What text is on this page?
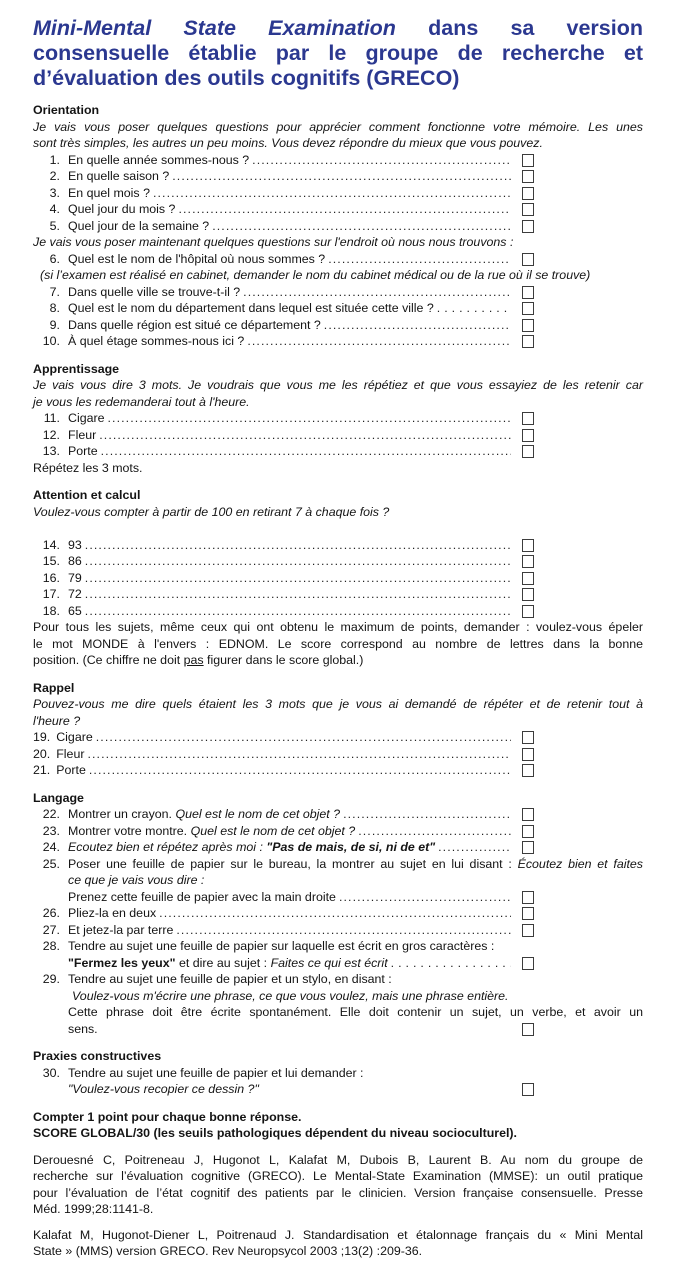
Mini-Mental State Examination dans sa version
consensuelle établie par le groupe de recherche et
d’évaluation des outils cognitifs (GRECO)
Orientation
Je vais vous poser quelques questions pour apprécier comment fonctionne votre mémoire. Les unes
sont très simples, les autres un peu moins. Vous devez répondre du mieux que vous pouvez.
1. En quelle année sommes-nous ?
.....
2. En quelle saison ?
.....
3. En quel mois ?
.....
4. Quel jour du mois ?
.....
5. Quel jour de la semaine ?
.....
Je vais vous poser maintenant quelques questions sur l'endroit où nous nous trouvons :
6. Quel est le nom de l'hôpital où nous sommes ?
.....
(si l’examen est réalisé en cabinet, demander le nom du cabinet médical ou de la rue où il se trouve)
7. Dans quelle ville se trouve-t-il ?
.....
8. Quel est le nom du département dans lequel est située cette ville ?
.....
9. Dans quelle région est situé ce département ?
.....
10. À quel étage sommes-nous ici ?
.....
Apprentissage
Je vais vous dire 3 mots. Je voudrais que vous me les répétiez et que vous essayiez de les retenir car
je vous les redemanderai tout à l'heure.
11. Cigare
.....
12. Fleur
.....
13. Porte
.....
Répétez les 3 mots.
Attention et calcul
Voulez-vous compter à partir de 100 en retirant 7 à chaque fois ?
14. 93
.....
15. 86
.....
16. 79
.....
17. 72
.....
18. 65
.....
Pour tous les sujets, même ceux qui ont obtenu le maximum de points, demander : voulez-vous épeler
le mot MONDE à l'envers : EDNOM. Le score correspond au nombre de lettres dans la bonne
position. (Ce chiffre ne doit pas figurer dans le score global.)
Rappel
Pouvez-vous me dire quels étaient les 3 mots que je vous ai demandé de répéter et de retenir tout à
l'heure ?
19. Cigare
.....
20. Fleur
.....
21. Porte
.....
Langage
22. Montrer un crayon. Quel est le nom de cet objet ?
.....
23. Montrer votre montre. Quel est le nom de cet objet ?
.....
24. Ecoutez bien et répétez après moi : "Pas de mais, de si, ni de et"
.....
25. Poser une feuille de papier sur le bureau, la montrer au sujet en lui disant : Écoutez bien et faites
ce que je vais vous dire :
Prenez cette feuille de papier avec la main droite
.....
26. Pliez-la en deux
.....
27. Et jetez-la par terre
.....
28. Tendre au sujet une feuille de papier sur laquelle est écrit en gros caractères :
"Fermez les yeux" et dire au sujet : Faites ce qui est écrit
.....
29. Tendre au sujet une feuille de papier et un stylo, en disant :
Voulez-vous m'écrire une phrase, ce que vous voulez, mais une phrase entière.
Cette phrase doit être écrite spontanément. Elle doit contenir un sujet, un verbe, et avoir un
sens.
Praxies constructives
30. Tendre au sujet une feuille de papier et lui demander :
"Voulez-vous recopier ce dessin ?"
Compter 1 point pour chaque bonne réponse.
SCORE GLOBAL/30 (les seuils pathologiques dépendent du niveau socioculturel).
Derouesné C, Poitreneau J, Hugonot L, Kalafat M, Dubois B, Laurent B. Au nom du groupe de
recherche sur l’évaluation cognitive (GRECO). Le Mental-State Examination (MMSE): un outil pratique
pour l’évaluation de l’état cognitif des patients par le clinicien. Version française consensuelle. Presse
Méd. 1999;28:1141-8.
Kalafat M, Hugonot-Diener L, Poitrenaud J. Standardisation et étalonnage français du « Mini Mental
State » (MMS) version GRECO. Rev Neuropsycol 2003 ;13(2) :209-36.
